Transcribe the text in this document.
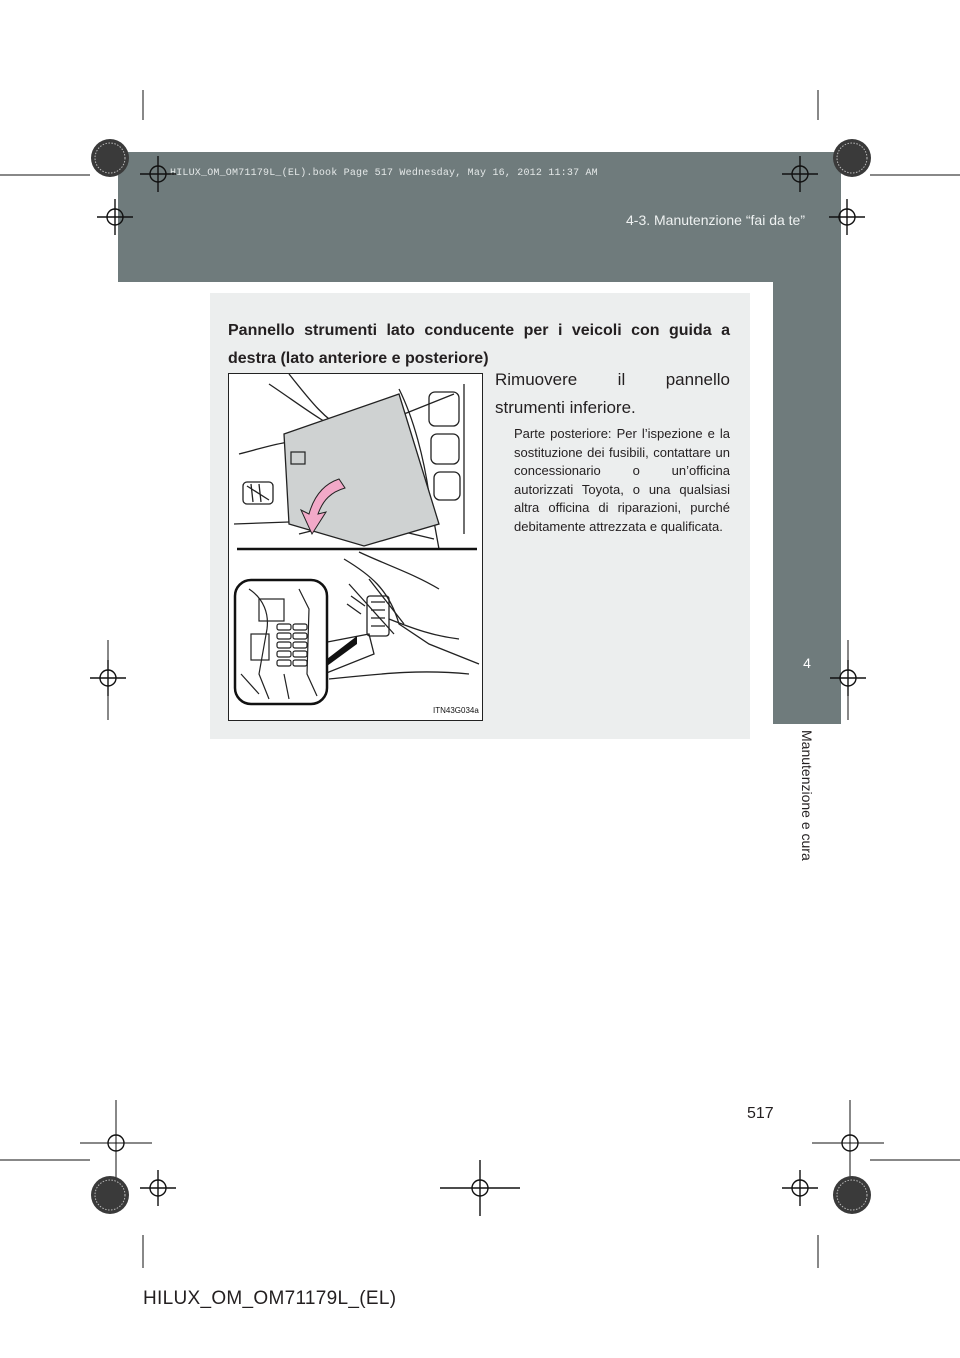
HILUX_OM_OM71179L_(EL).book Page 517 Wednesday, May 16, 2012 11:37 AM
4-3. Manutenzione “fai da te”
4
Manutenzione e cura

Pannello strumenti lato conducente per i veicoli con guida a destra (lato anteriore e posteriore)

ITN43G034a

Rimuovere il pannello strumenti inferiore.

Parte posteriore: Per l’ispezione e la sostituzione dei fusibili, contattare un concessionario o un’officina autorizzati Toyota, o una qualsiasi altra officina di riparazioni, purché debitamente attrezzata e qualificata.

517
HILUX_OM_OM71179L_(EL)
